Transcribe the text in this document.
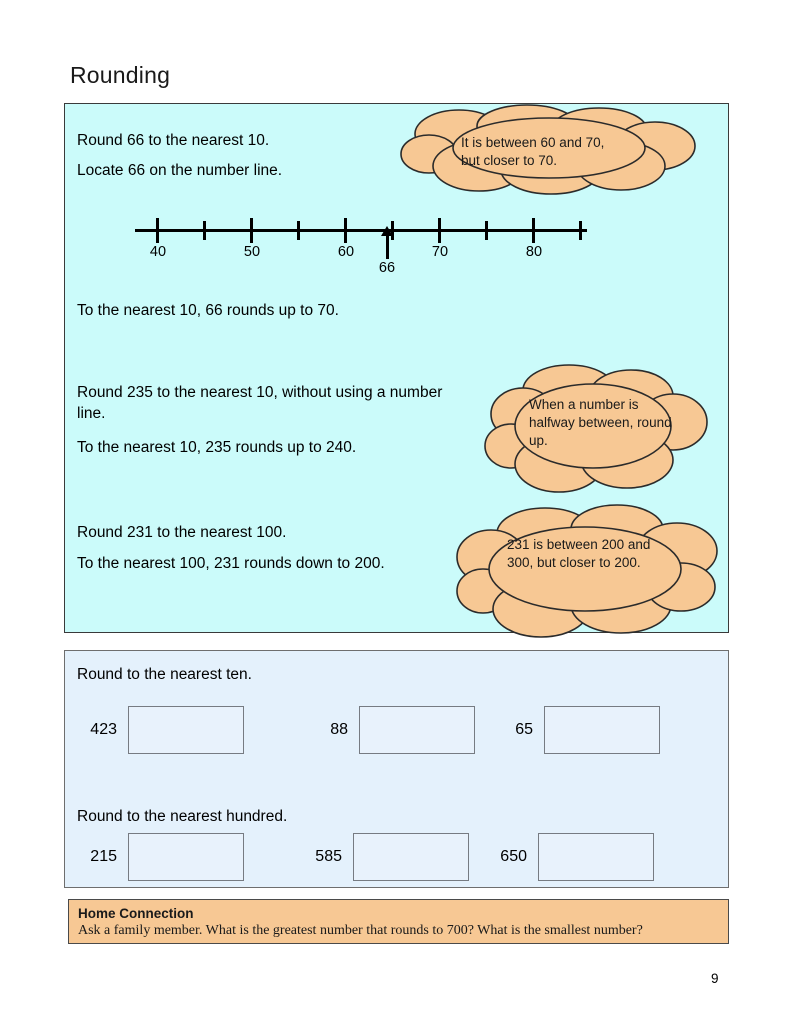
Rounding
Round 66 to the nearest 10.
Locate 66 on the number line.
40	50	60	70	80
66
To the nearest 10, 66 rounds up to 70.
Round 235 to the nearest 10, without using a number line.
To the nearest 10, 235 rounds up to 240.
Round 231 to the nearest 100.
To the nearest 100, 231 rounds down to 200.
It is between 60 and 70, but closer to 70.
When a number is halfway between, round up.
231 is between 200 and 300, but closer to 200.
Round to the nearest ten.
423	88	65
Round to the nearest hundred.
215	585	650
Home Connection
Ask a family member. What is the greatest number that rounds to 700? What is the smallest number?
9
